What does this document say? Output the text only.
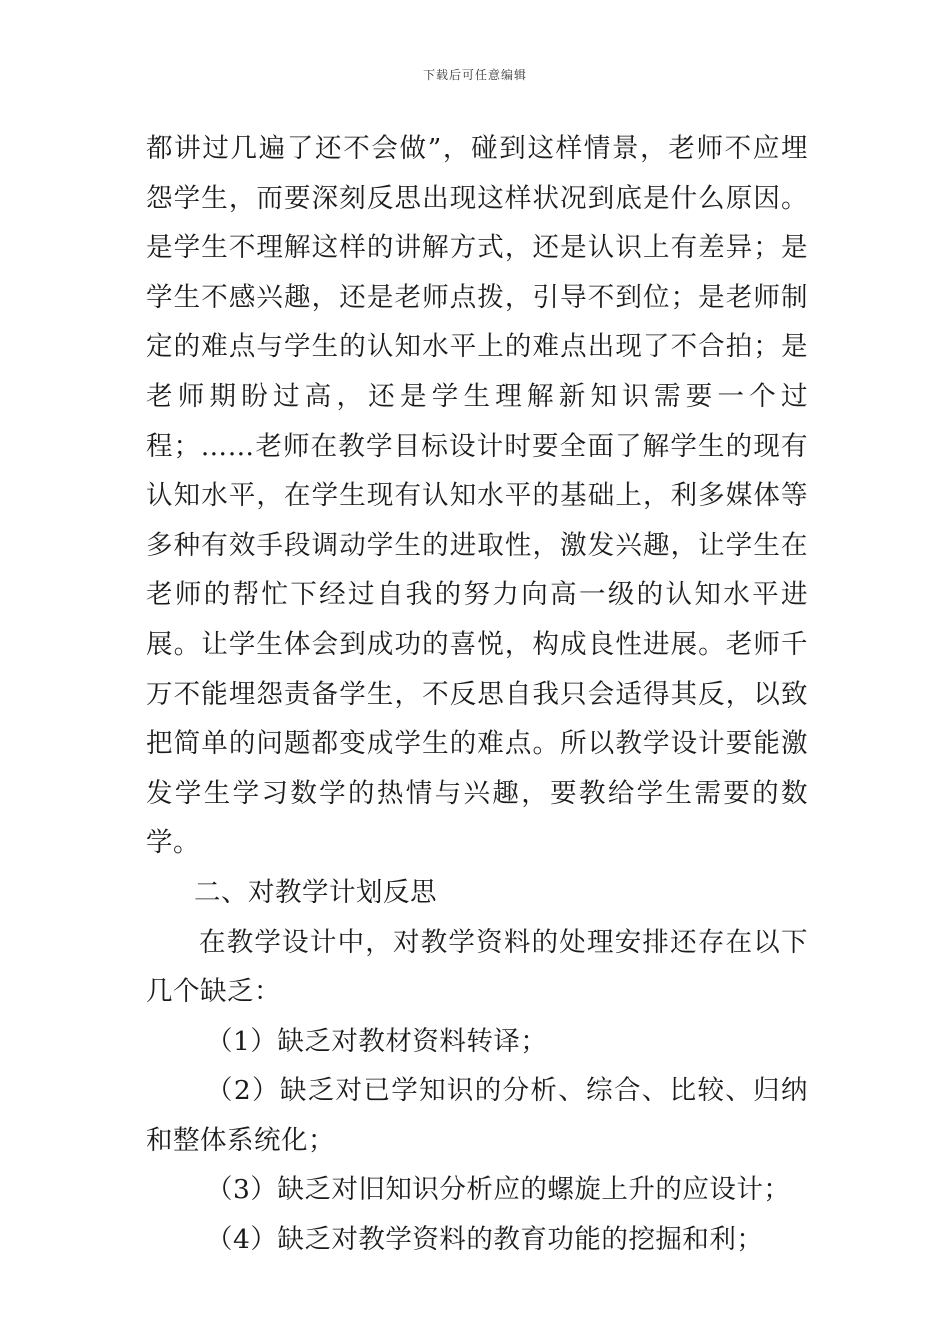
下载后可任意编辑

都讲过几遍了还不会做”，碰到这样情景，老师不应埋怨学生，而要深刻反思出现这样状况到底是什么原因。是学生不理解这样的讲解方式，还是认识上有差异；是学生不感兴趣，还是老师点拨，引导不到位；是老师制定的难点与学生的认知水平上的难点出现了不合拍；是老师期盼过高，还是学生理解新知识需要一个过程；……老师在教学目标设计时要全面了解学生的现有认知水平，在学生现有认知水平的基础上，利多媒体等多种有效手段调动学生的进取性，激发兴趣，让学生在老师的帮忙下经过自我的努力向高一级的认知水平进展。让学生体会到成功的喜悦，构成良性进展。老师千万不能埋怨责备学生，不反思自我只会适得其反，以致把简单的问题都变成学生的难点。所以教学设计要能激发学生学习数学的热情与兴趣，要教给学生需要的数学。

二、对教学计划反思

在教学设计中，对教学资料的处理安排还存在以下几个缺乏：

（1）缺乏对教材资料转译；

（2）缺乏对已学知识的分析、综合、比较、归纳和整体系统化；

（3）缺乏对旧知识分析应的螺旋上升的应设计；

（4）缺乏对教学资料的教育功能的挖掘和利；
